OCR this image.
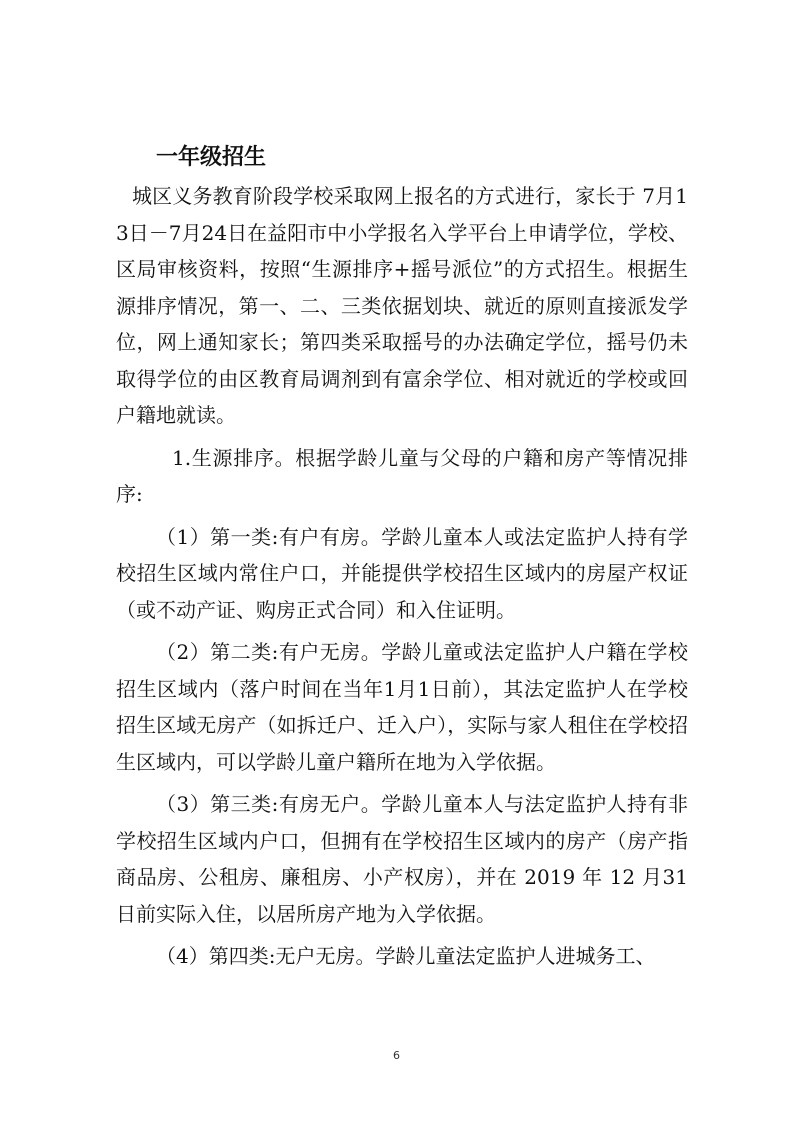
一年级招生

城区义务教育阶段学校采取网上报名的方式进行，家长于 7月13日－7月24日在益阳市中小学报名入学平台上申请学位，学校、区局审核资料，按照“生源排序+摇号派位”的方式招生。根据生源排序情况，第一、二、三类依据划块、就近的原则直接派发学位，网上通知家长；第四类采取摇号的办法确定学位，摇号仍未取得学位的由区教育局调剂到有富余学位、相对就近的学校或回户籍地就读。

1.生源排序。根据学龄儿童与父母的户籍和房产等情况排序:

（1）第一类:有户有房。学龄儿童本人或法定监护人持有学校招生区域内常住户口，并能提供学校招生区域内的房屋产权证（或不动产证、购房正式合同）和入住证明。

（2）第二类:有户无房。学龄儿童或法定监护人户籍在学校招生区域内（落户时间在当年1月1日前），其法定监护人在学校招生区域无房产（如拆迁户、迁入户），实际与家人租住在学校招生区域内，可以学龄儿童户籍所在地为入学依据。

（3）第三类:有房无户。学龄儿童本人与法定监护人持有非学校招生区域内户口，但拥有在学校招生区域内的房产（房产指商品房、公租房、廉租房、小产权房），并在 2019 年 12 月31日前实际入住，以居所房产地为入学依据。

（4）第四类:无户无房。学龄儿童法定监护人进城务工、

6
